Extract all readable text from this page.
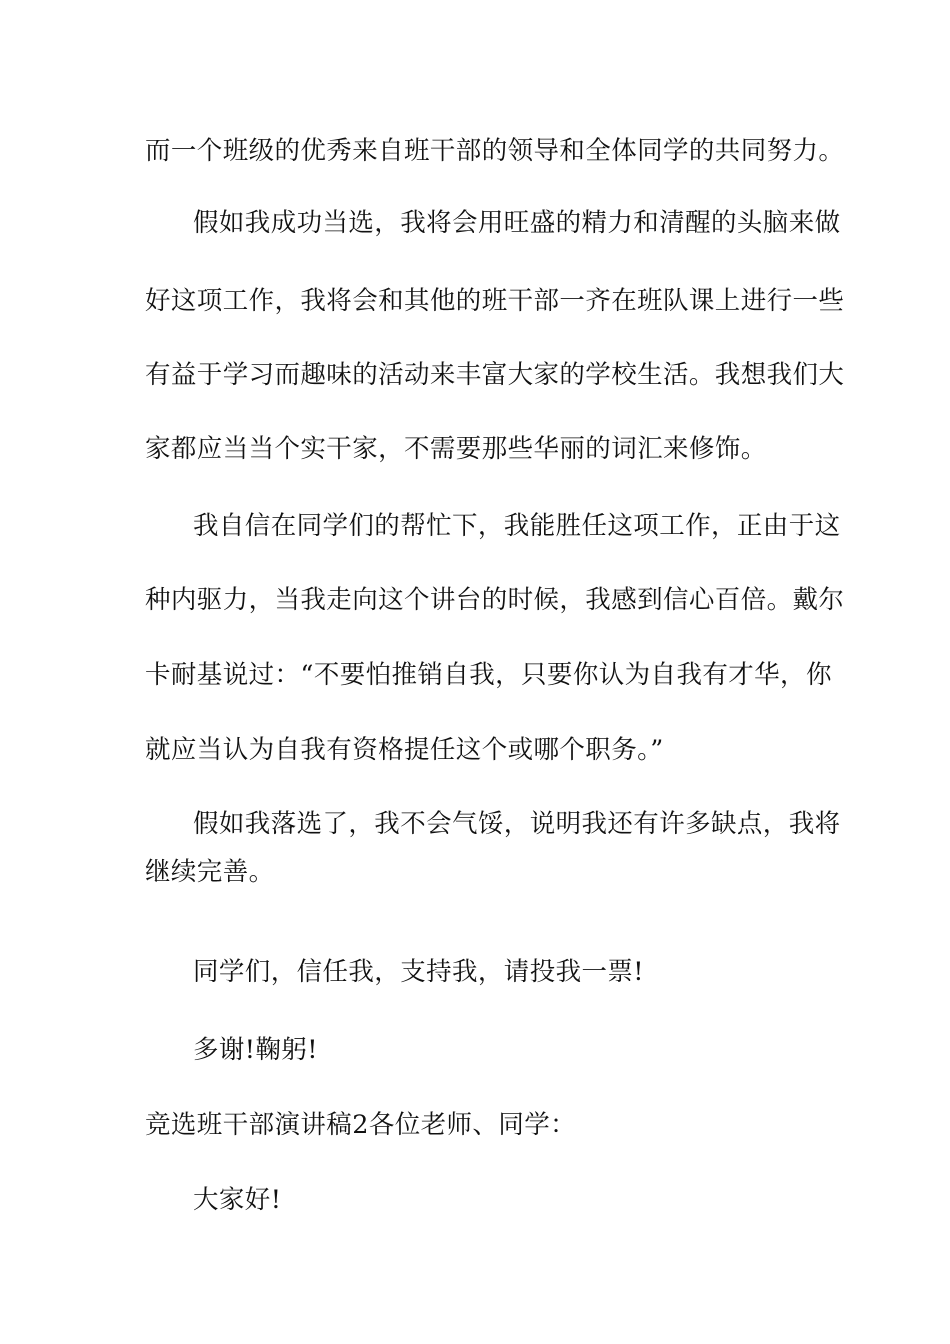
而一个班级的优秀来自班干部的领导和全体同学的共同努力。
假如我成功当选，我将会用旺盛的精力和清醒的头脑来做
好这项工作，我将会和其他的班干部一齐在班队课上进行一些
有益于学习而趣味的活动来丰富大家的学校生活。我想我们大
家都应当当个实干家，不需要那些华丽的词汇来修饰。
我自信在同学们的帮忙下，我能胜任这项工作，正由于这
种内驱力，当我走向这个讲台的时候，我感到信心百倍。戴尔
卡耐基说过：“不要怕推销自我，只要你认为自我有才华，你
就应当认为自我有资格提任这个或哪个职务。”
假如我落选了，我不会气馁，说明我还有许多缺点，我将
继续完善。
同学们，信任我，支持我，请投我一票!
多谢!鞠躬!
竞选班干部演讲稿2各位老师、同学：
大家好!
